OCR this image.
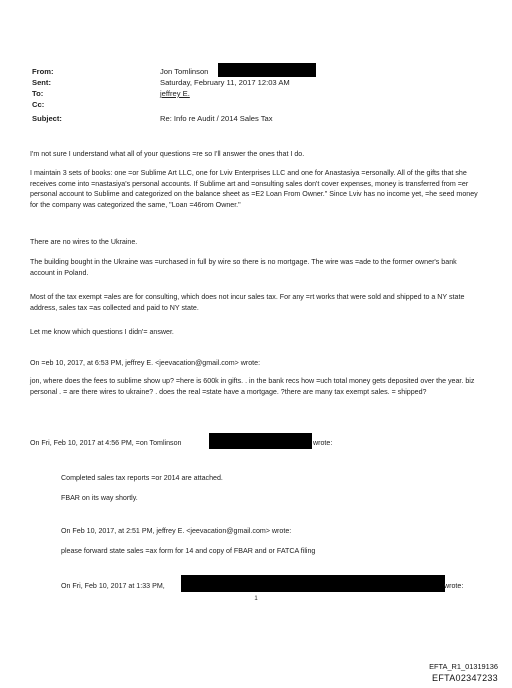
From:	Jon Tomlinson
Sent:	Saturday, February 11, 2017 12:03 AM
To:	jeffrey E.
Cc:
Subject:	Re: Info re Audit / 2014 Sales Tax

I'm not sure I understand what all of your questions =re so I'll answer the ones that I do.

I maintain 3 sets of books: one =or Sublime Art LLC, one for Lviv Enterprises LLC and one for Anastasiya =ersonally. All of the gifts that she receives come into =nastasiya's personal accounts. If Sublime art and =onsulting sales don't cover expenses, money is transferred from =er personal account to Sublime and categorized on the balance sheet as =E2 Loan From Owner." Since Lviv has no income yet, =he seed money for the company was categorized the same, "Loan =46rom Owner."

There are no wires to the Ukraine.

The building bought in the Ukraine was =urchased in full by wire so there is no mortgage. The wire was =ade to the former owner's bank account in Poland.

Most of the tax exempt =ales are for consulting, which does not incur sales tax. For any =rt works that were sold and shipped to a NY state address, sales tax =as collected and paid to NY state.

Let me know which questions I didn'= answer.

On =eb 10, 2017, at 6:53 PM, jeffrey E. <jeevacation@gmail.com> wrote:

jon, where does the fees to sublime show up? =here is 600k in gifts. . in the bank recs how =uch total money gets deposited over the year. biz personal . = are there wires to ukraine? . does the real =state have a mortgage. ?there are many tax exempt sales. = shipped?

On Fri, Feb 10, 2017 at 4:56 PM, =on Tomlinson	wrote:
Completed sales tax reports =or 2014 are attached.
FBAR on its way shortly.
On Feb 10, 2017, at 2:51 PM, jeffrey E. <jeevacation@gmail.com> wrote:
please forward state sales =ax form for 14 and copy of FBAR and or FATCA filing
On Fri, Feb 10, 2017 at 1:33 PM,	wrote:
1
EFTA_R1_01319136
EFTA02347233
